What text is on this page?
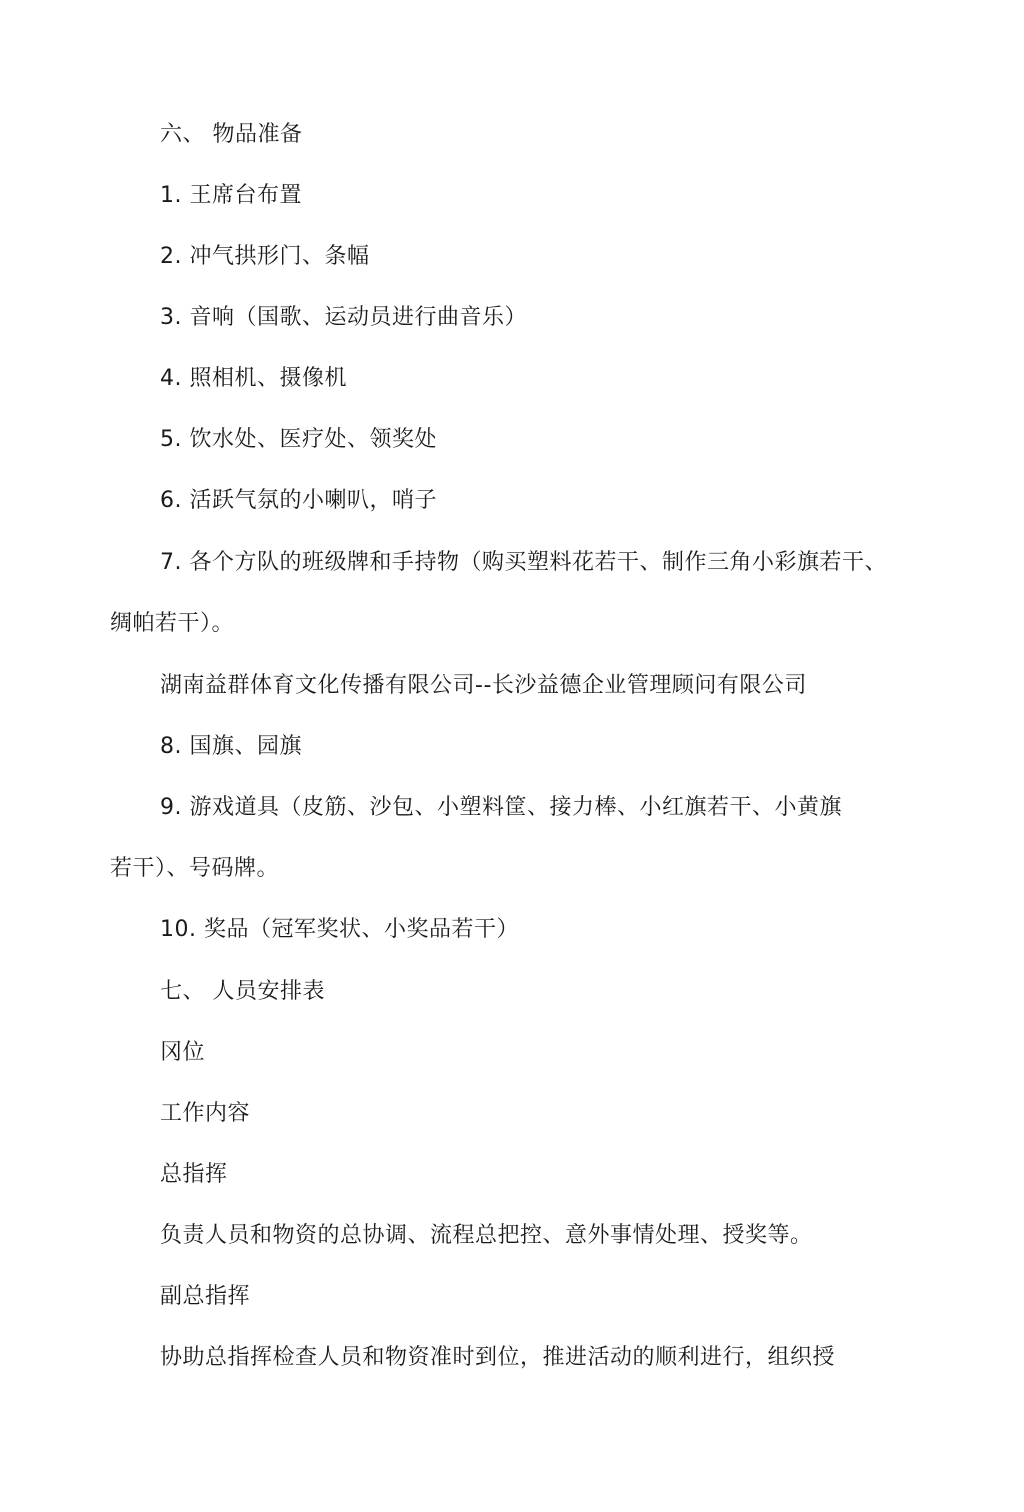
六、 物品准备
1. 王席台布置
2. 冲气拱形门、条幅
3. 音响（国歌、运动员进行曲音乐）
4. 照相机、摄像机
5. 饮水处、医疗处、领奖处
6. 活跃气氛的小喇叭，哨子
7. 各个方队的班级牌和手持物（购买塑料花若干、制作三角小彩旗若干、
绸帕若干）。
湖南益群体育文化传播有限公司--长沙益德企业管理顾问有限公司
8. 国旗、园旗
9. 游戏道具（皮筋、沙包、小塑料筐、接力棒、小红旗若干、小黄旗
若干）、号码牌。
10. 奖品（冠军奖状、小奖品若干）
七、 人员安排表
冈位
工作内容
总指挥
负责人员和物资的总协调、流程总把控、意外事情处理、授奖等。
副总指挥
协助总指挥检查人员和物资准时到位，推进活动的顺利进行，组织授
